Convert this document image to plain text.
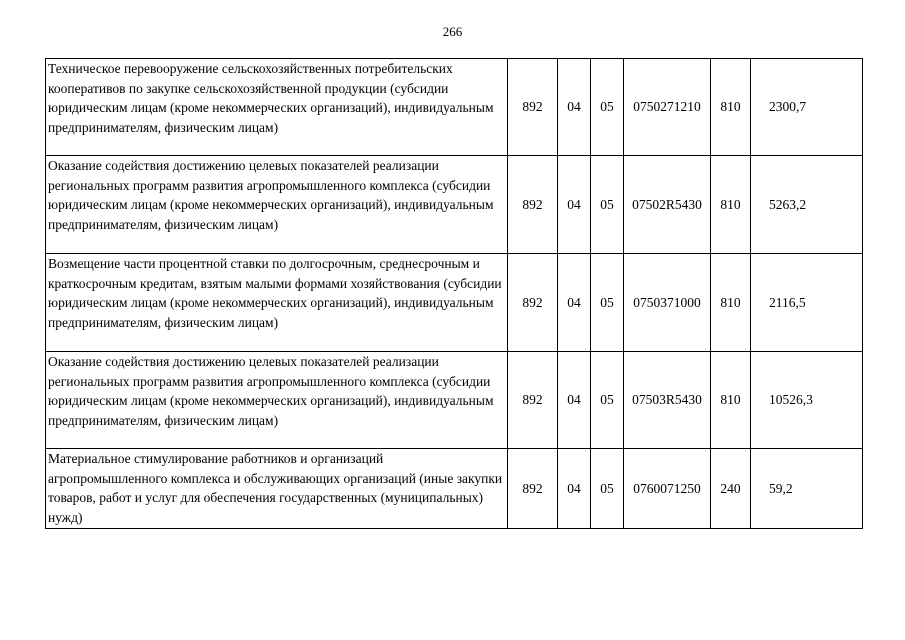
266
Техническое перевооружение сельскохозяйственных потребительских кооперативов по закупке сельскохозяйственной продукции (субсидии юридическим лицам (кроме некоммерческих организаций), индивидуальным предпринимателям, физическим лицам)	892	04	05	0750271210	810	2300,7
Оказание содействия достижению целевых показателей реализации региональных программ развития агропромышленного комплекса (субсидии юридическим лицам (кроме некоммерческих организаций), индивидуальным предпринимателям, физическим лицам)	892	04	05	07502R5430	810	5263,2
Возмещение части процентной ставки по долгосрочным, среднесрочным и краткосрочным кредитам, взятым малыми формами хозяйствования (субсидии юридическим лицам (кроме некоммерческих организаций), индивидуальным предпринимателям, физическим лицам)	892	04	05	0750371000	810	2116,5
Оказание содействия достижению целевых показателей реализации региональных программ развития агропромышленного комплекса (субсидии юридическим лицам (кроме некоммерческих организаций), индивидуальным предпринимателям, физическим лицам)	892	04	05	07503R5430	810	10526,3
Материальное стимулирование работников и организаций агропромышленного комплекса и обслуживающих организаций (иные закупки товаров, работ и услуг для обеспечения государственных (муниципальных) нужд)	892	04	05	0760071250	240	59,2
